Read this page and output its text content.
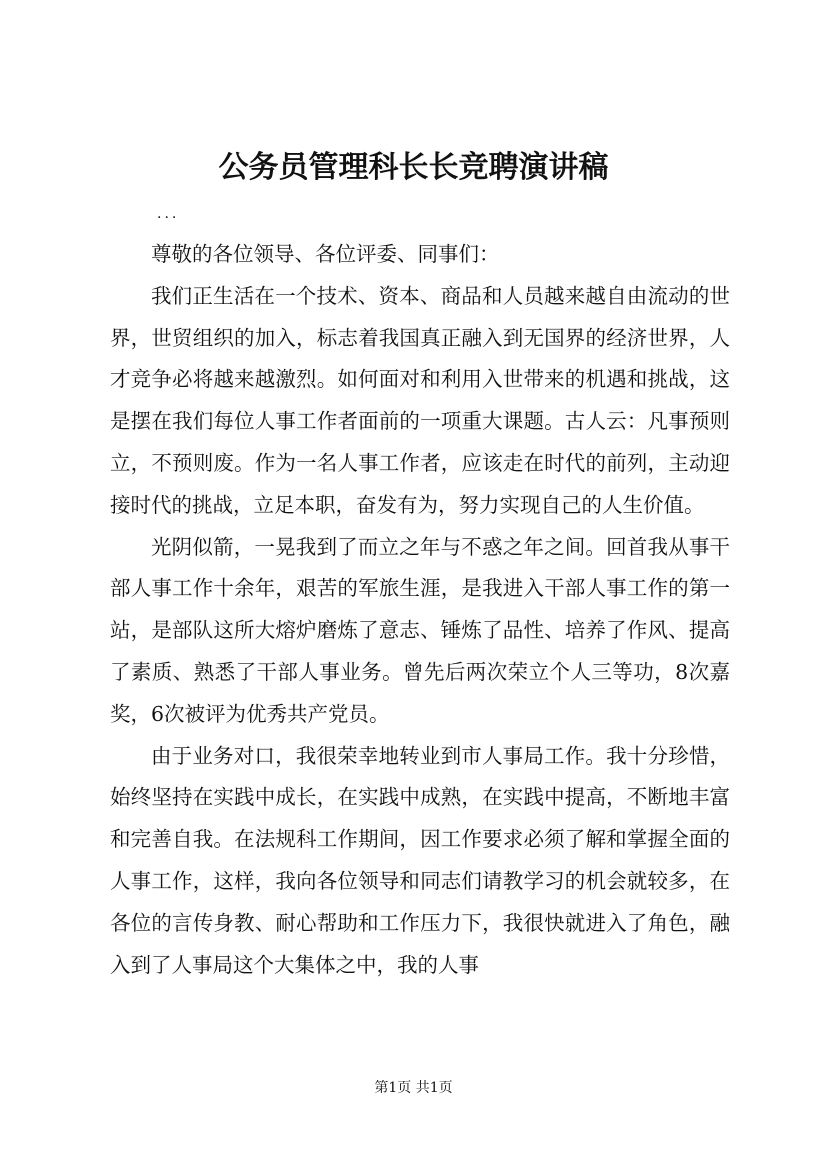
公务员管理科长长竞聘演讲稿

...

尊敬的各位领导、各位评委、同事们：

我们正生活在一个技术、资本、商品和人员越来越自由流动的世界，世贸组织的加入，标志着我国真正融入到无国界的经济世界，人才竞争必将越来越激烈。如何面对和利用入世带来的机遇和挑战，这是摆在我们每位人事工作者面前的一项重大课题。古人云：凡事预则立，不预则废。作为一名人事工作者，应该走在时代的前列，主动迎接时代的挑战，立足本职，奋发有为，努力实现自己的人生价值。

光阴似箭，一晃我到了而立之年与不惑之年之间。回首我从事干部人事工作十余年，艰苦的军旅生涯，是我进入干部人事工作的第一站，是部队这所大熔炉磨炼了意志、锤炼了品性、培养了作风、提高了素质、熟悉了干部人事业务。曾先后两次荣立个人三等功，8次嘉奖，6次被评为优秀共产党员。

由于业务对口，我很荣幸地转业到市人事局工作。我十分珍惜，始终坚持在实践中成长，在实践中成熟，在实践中提高，不断地丰富和完善自我。在法规科工作期间，因工作要求必须了解和掌握全面的人事工作，这样，我向各位领导和同志们请教学习的机会就较多，在各位的言传身教、耐心帮助和工作压力下，我很快就进入了角色，融入到了人事局这个大集体之中，我的人事

第1页 共1页
